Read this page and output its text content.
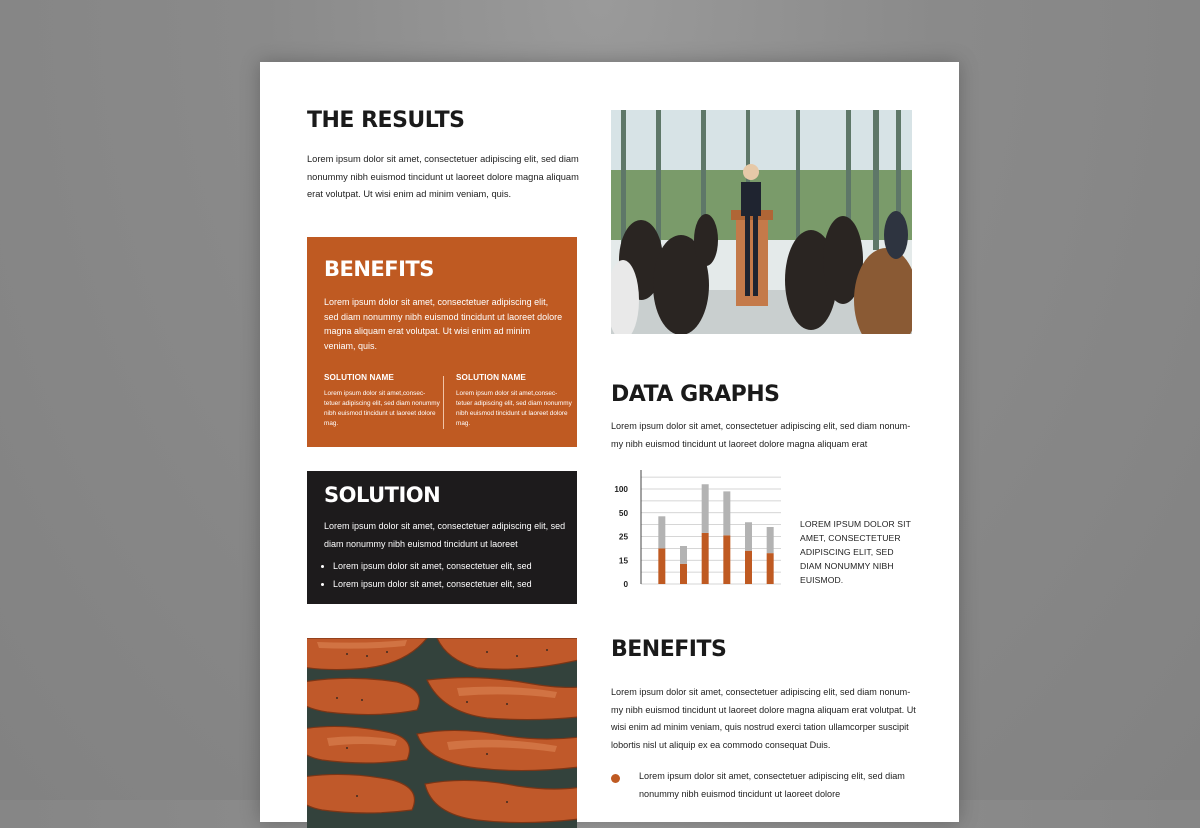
THE RESULTS
Lorem ipsum dolor sit amet, consectetuer adipiscing elit, sed diam nonummy nibh euismod tincidunt ut laoreet dolore magna aliquam erat volutpat. Ut wisi enim ad minim veniam, quis.
BENEFITS
Lorem ipsum dolor sit amet, consectetuer adipiscing elit, sed diam nonummy nibh euismod tincidunt ut laoreet dolore magna aliquam erat volutpat. Ut wisi enim ad minim veniam, quis.
SOLUTION NAME
Lorem ipsum dolor sit amet,consec- tetuer adipiscing elit, sed diam nonummy nibh euismod tincidunt ut laoreet dolore mag.
SOLUTION NAME
Lorem ipsum dolor sit amet,consec- tetuer adipiscing elit, sed diam nonummy nibh euismod tincidunt ut laoreet dolore mag.
SOLUTION
Lorem ipsum dolor sit amet, consectetuer adipiscing elit, sed diam nonummy nibh euismod tincidunt ut laoreet
• Lorem ipsum dolor sit amet, consectetuer elit, sed
• Lorem ipsum dolor sit amet, consectetuer elit, sed
DATA GRAPHS
Lorem ipsum dolor sit amet, consectetuer adipiscing elit, sed diam nonum- my nibh euismod tincidunt ut laoreet dolore magna aliquam erat
0
15
25
50
100
LOREM IPSUM DOLOR SIT AMET, CONSECTETUER ADIPISCING ELIT, SED DIAM NONUMMY NIBH EUISMOD.
BENEFITS
Lorem ipsum dolor sit amet, consectetuer adipiscing elit, sed diam nonum- my nibh euismod tincidunt ut laoreet dolore magna aliquam erat volutpat. Ut wisi enim ad minim veniam, quis nostrud exerci tation ullamcorper suscipit lobortis nisl ut aliquip ex ea commodo consequat Duis.
Lorem ipsum dolor sit amet, consectetuer adipiscing elit, sed diam nonummy nibh euismod tincidunt ut laoreet dolore
